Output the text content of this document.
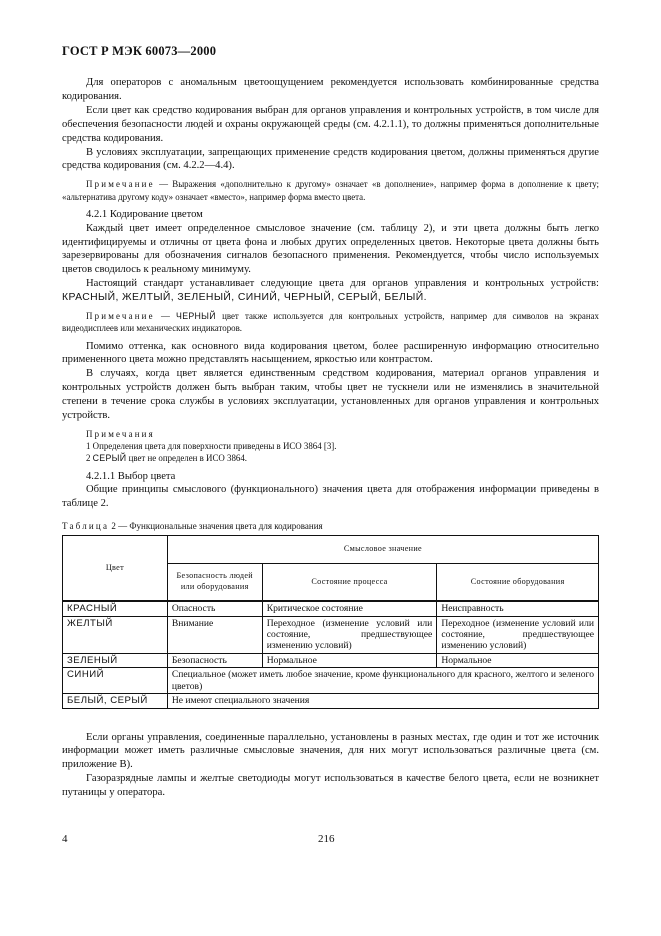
ГОСТ Р МЭК 60073—2000

Для операторов с аномальным цветоощущением рекомендуется использовать комбинированные средства кодирования.

Если цвет как средство кодирования выбран для органов управления и контрольных устройств, в том числе для обеспечения безопасности людей и охраны окружающей среды (см. 4.2.1.1), то должны применяться дополнительные средства кодирования.

В условиях эксплуатации, запрещающих применение средств кодирования цветом, должны применяться другие средства кодирования (см. 4.2.2—4.4).

Примечание — Выражения «дополнительно к другому» означает «в дополнение», например форма в дополнение к цвету; «альтернатива другому коду» означает «вместо», например форма вместо цвета.

4.2.1 Кодирование цветом

Каждый цвет имеет определенное смысловое значение (см. таблицу 2), и эти цвета должны быть легко идентифицируемы и отличны от цвета фона и любых других определенных цветов. Некоторые цвета должны быть зарезервированы для обозначения сигналов безопасного применения. Рекомендуется, чтобы число используемых цветов сводилось к реальному минимуму.

Настоящий стандарт устанавливает следующие цвета для органов управления и контрольных устройств: КРАСНЫЙ, ЖЕЛТЫЙ, ЗЕЛЕНЫЙ, СИНИЙ, ЧЕРНЫЙ, СЕРЫЙ, БЕЛЫЙ.

Примечание — ЧЕРНЫЙ цвет также используется для контрольных устройств, например для символов на экранах видеодисплеев или механических индикаторов.

Помимо оттенка, как основного вида кодирования цветом, более расширенную информацию относительно примененного цвета можно представлять насыщением, яркостью или контрастом.

В случаях, когда цвет является единственным средством кодирования, материал органов управления и контрольных устройств должен быть выбран таким, чтобы цвет не тускнели или не изменялись в значительной степени в течение срока службы в условиях эксплуатации, установленных для органов управления и контрольных устройств.

Примечания

1 Определения цвета для поверхности приведены в ИСО 3864 [3].

2 СЕРЫЙ цвет не определен в ИСО 3864.

4.2.1.1 Выбор цвета

Общие принципы смыслового (функционального) значения цвета для отображения информации приведены в таблице 2.

Таблица 2 — Функциональные значения цвета для кодирования

Цвет	Смысловое значение		
	Безопасность людей или оборудования	Состояние процесса	Состояние оборудования
КРАСНЫЙ	Опасность	Критическое состояние	Неисправность
ЖЕЛТЫЙ	Внимание	Переходное (изменение условий или состояние, предшествующее изменению условий)	Переходное (изменение условий или состояние, предшествующее изменению условий)
ЗЕЛЕНЫЙ	Безопасность	Нормальное	Нормальное
СИНИЙ	Специальное (может иметь любое значение, кроме функционального для красного, желтого и зеленого цветов)		
БЕЛЫЙ, СЕРЫЙ	Не имеют специального значения		

Если органы управления, соединенные параллельно, установлены в разных местах, где один и тот же источник информации может иметь различные смысловые значения, для них могут использоваться различные цвета (см. приложение В).

Газоразрядные лампы и желтые светодиоды могут использоваться в качестве белого цвета, если не возникнет путаницы у оператора.

4	216
